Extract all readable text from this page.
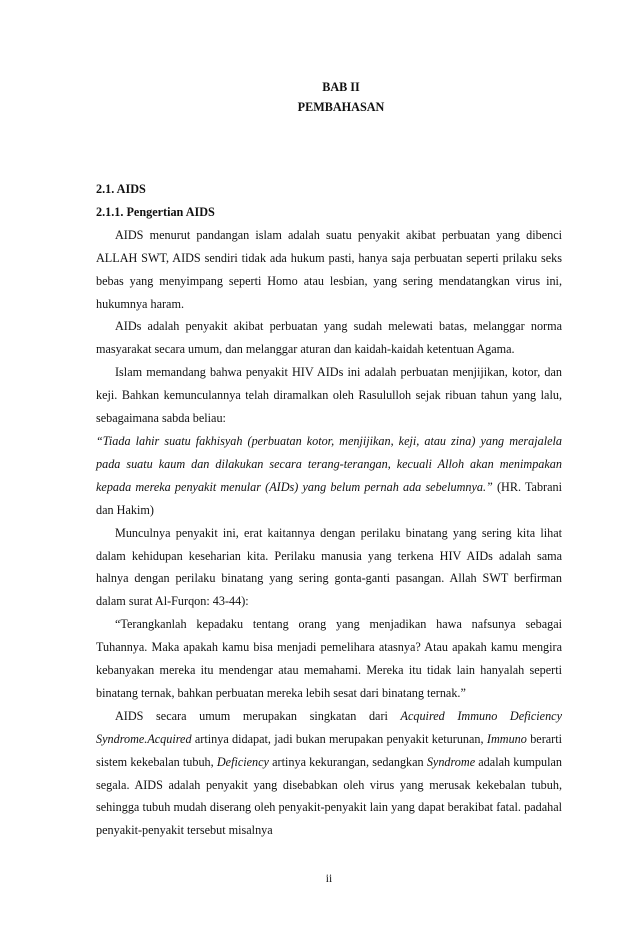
BAB II
PEMBAHASAN

2.1. AIDS

2.1.1. Pengertian AIDS

AIDS menurut pandangan islam adalah suatu penyakit akibat perbuatan yang dibenci ALLAH SWT, AIDS sendiri tidak ada hukum pasti, hanya saja perbuatan seperti prilaku seks bebas yang menyimpang seperti Homo atau lesbian, yang sering mendatangkan virus ini, hukumnya haram.

AIDs adalah penyakit akibat perbuatan yang sudah melewati batas, melanggar norma masyarakat secara umum, dan melanggar aturan dan kaidah-kaidah ketentuan Agama.

Islam memandang bahwa penyakit HIV AIDs ini adalah perbuatan menjijikan, kotor, dan keji. Bahkan kemunculannya telah diramalkan oleh Rasululloh sejak ribuan tahun yang lalu, sebagaimana sabda beliau:

“Tiada lahir suatu fakhisyah (perbuatan kotor, menjijikan, keji, atau zina) yang merajalela pada suatu kaum dan dilakukan secara terang-terangan, kecuali Alloh akan menimpakan kepada mereka penyakit menular (AIDs) yang belum pernah ada sebelumnya.” (HR. Tabrani dan Hakim)

Munculnya penyakit ini, erat kaitannya dengan perilaku binatang yang sering kita lihat dalam kehidupan keseharian kita. Perilaku manusia yang terkena HIV AIDs adalah sama halnya dengan perilaku binatang yang sering gonta-ganti pasangan. Allah SWT berfirman dalam surat Al-Furqon: 43-44):

“Terangkanlah kepadaku tentang orang yang menjadikan hawa nafsunya sebagai Tuhannya. Maka apakah kamu bisa menjadi pemelihara atasnya? Atau apakah kamu mengira kebanyakan mereka itu mendengar atau memahami. Mereka itu tidak lain hanyalah seperti binatang ternak, bahkan perbuatan mereka lebih sesat dari binatang ternak.”

AIDS secara umum merupakan singkatan dari Acquired Immuno Deficiency Syndrome.Acquired artinya didapat, jadi bukan merupakan penyakit keturunan, Immuno berarti sistem kekebalan tubuh, Deficiency artinya kekurangan, sedangkan Syndrome adalah kumpulan segala. AIDS adalah penyakit yang disebabkan oleh virus yang merusak kekebalan tubuh, sehingga tubuh mudah diserang oleh penyakit-penyakit lain yang dapat berakibat fatal. padahal penyakit-penyakit tersebut misalnya

ii
